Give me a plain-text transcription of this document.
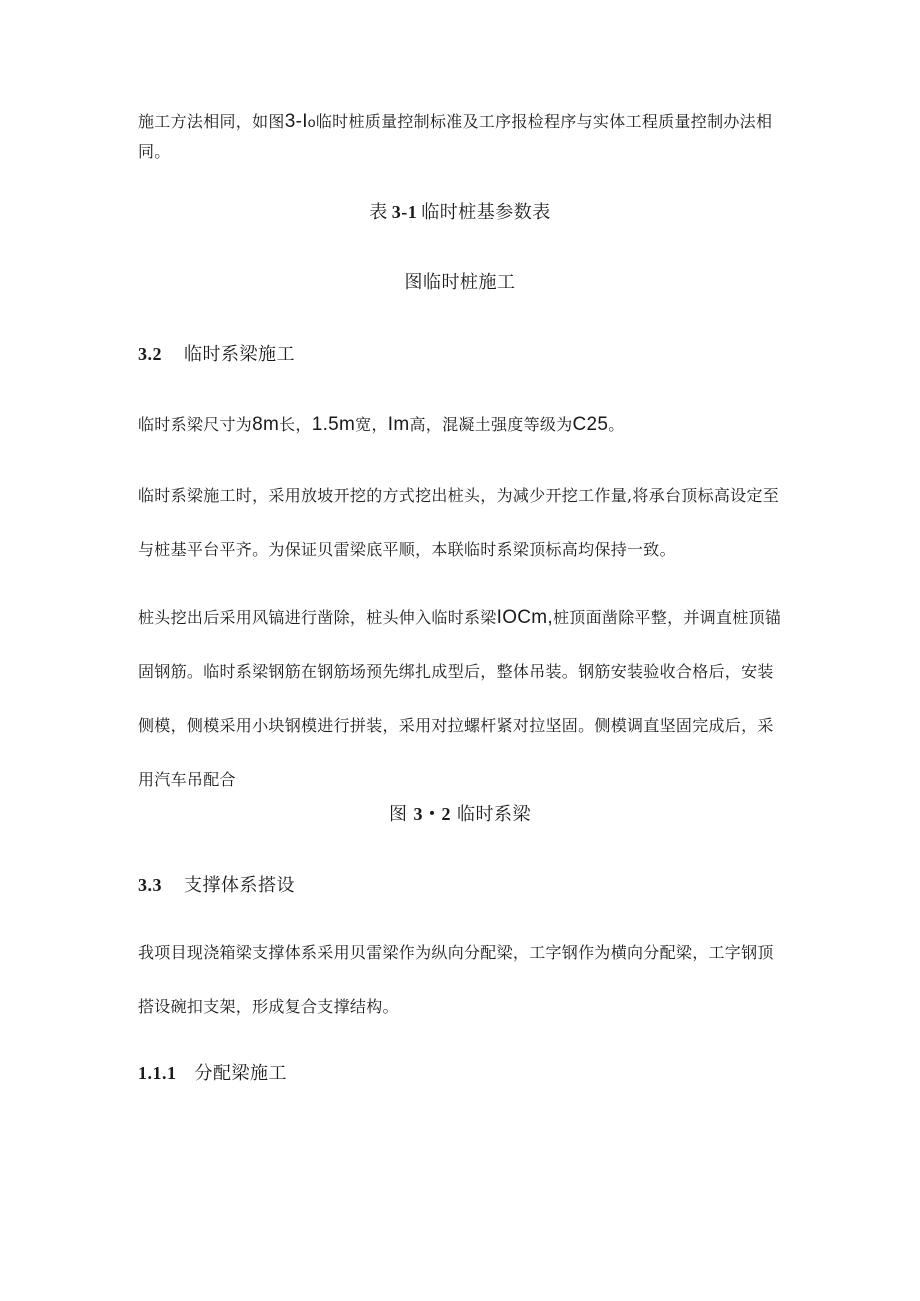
施工方法相同，如图3-Io临时桩质量控制标准及工序报检程序与实体工程质量控制办法相同。

表 3-1 临时桩基参数表

图临时桩施工

3.2 临时系梁施工

临时系梁尺寸为8m长，1.5m宽，Im高，混凝土强度等级为C25。

临时系梁施工时，采用放坡开挖的方式挖出桩头，为减少开挖工作量,将承台顶标高设定至与桩基平台平齐。为保证贝雷梁底平顺，本联临时系梁顶标高均保持一致。

桩头挖出后采用风镐进行凿除，桩头伸入临时系梁IOCm,桩顶面凿除平整，并调直桩顶锚固钢筋。临时系梁钢筋在钢筋场预先绑扎成型后，整体吊装。钢筋安装验收合格后，安装侧模，侧模采用小块钢模进行拼装，采用对拉螺杆紧对拉坚固。侧模调直坚固完成后，采用汽车吊配合

图 3・2 临时系梁

3.3 支撑体系搭设

我项目现浇箱梁支撑体系采用贝雷梁作为纵向分配梁，工字钢作为横向分配梁，工字钢顶搭设碗扣支架，形成复合支撑结构。

1.1.1 分配梁施工
